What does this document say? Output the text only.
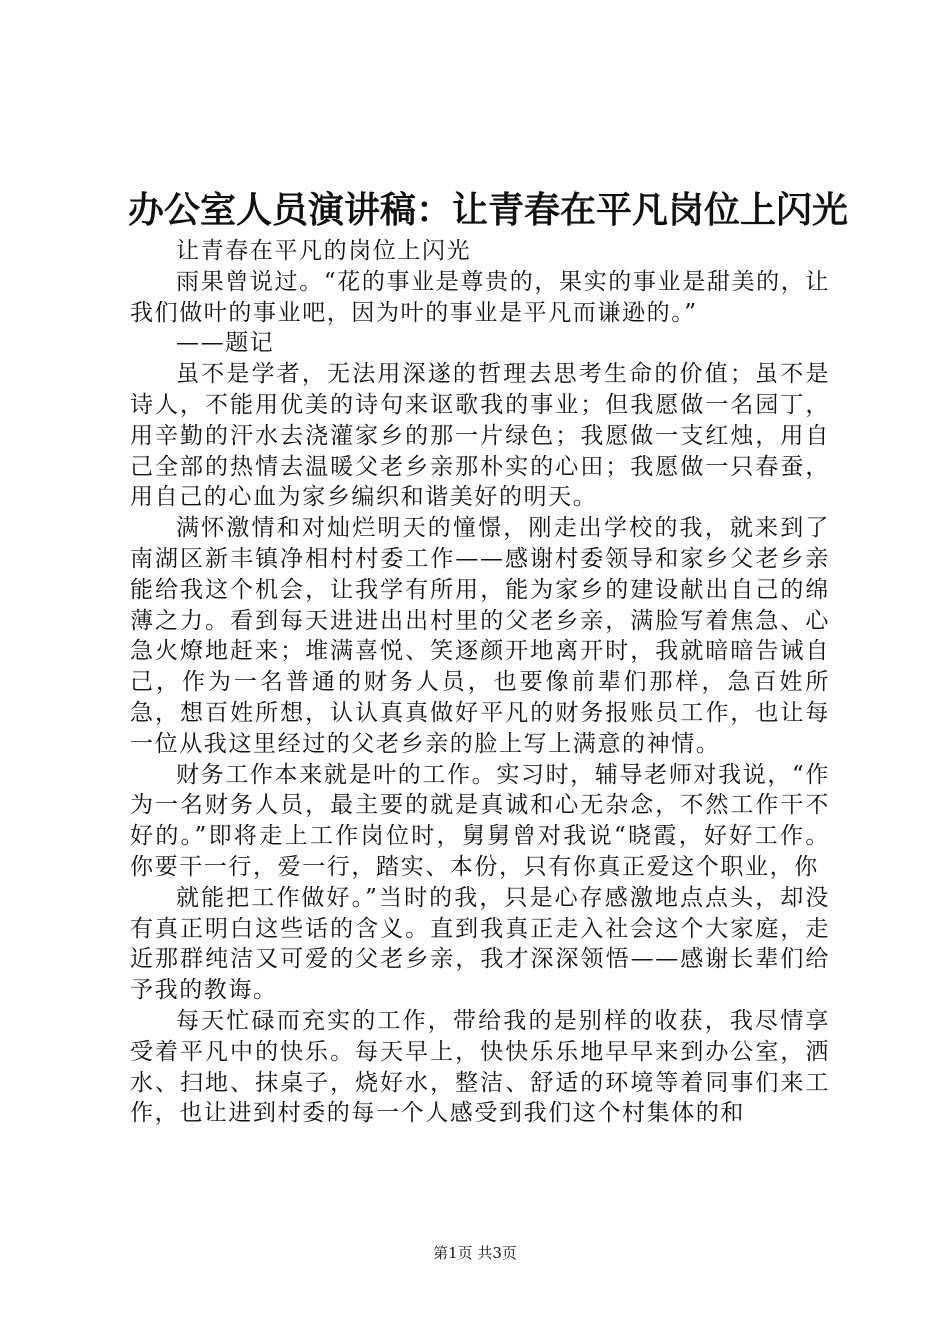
办公室人员演讲稿：让青春在平凡岗位上闪光

让青春在平凡的岗位上闪光

雨果曾说过。“花的事业是尊贵的，果实的事业是甜美的，让我们做叶的事业吧，因为叶的事业是平凡而谦逊的。”

——题记

虽不是学者，无法用深遂的哲理去思考生命的价值；虽不是诗人，不能用优美的诗句来讴歌我的事业；但我愿做一名园丁，用辛勤的汗水去浇灌家乡的那一片绿色；我愿做一支红烛，用自己全部的热情去温暖父老乡亲那朴实的心田；我愿做一只春蚕，用自己的心血为家乡编织和谐美好的明天。

满怀激情和对灿烂明天的憧憬，刚走出学校的我，就来到了南湖区新丰镇净相村村委工作——感谢村委领导和家乡父老乡亲能给我这个机会，让我学有所用，能为家乡的建设献出自己的绵薄之力。看到每天进进出出村里的父老乡亲，满脸写着焦急、心急火燎地赶来；堆满喜悦、笑逐颜开地离开时，我就暗暗告诫自己，作为一名普通的财务人员，也要像前辈们那样，急百姓所急，想百姓所想，认认真真做好平凡的财务报账员工作，也让每一位从我这里经过的父老乡亲的脸上写上满意的神情。

财务工作本来就是叶的工作。实习时，辅导老师对我说，“作为一名财务人员，最主要的就是真诚和心无杂念，不然工作干不好的。”即将走上工作岗位时，舅舅曾对我说“晓霞，好好工作。你要干一行，爱一行，踏实、本份，只有你真正爱这个职业，你

就能把工作做好。”当时的我，只是心存感激地点点头，却没有真正明白这些话的含义。直到我真正走入社会这个大家庭，走近那群纯洁又可爱的父老乡亲，我才深深领悟——感谢长辈们给予我的教诲。

每天忙碌而充实的工作，带给我的是别样的收获，我尽情享受着平凡中的快乐。每天早上，快快乐乐地早早来到办公室，洒水、扫地、抹桌子，烧好水，整洁、舒适的环境等着同事们来工作，也让进到村委的每一个人感受到我们这个村集体的和

第1页 共3页
